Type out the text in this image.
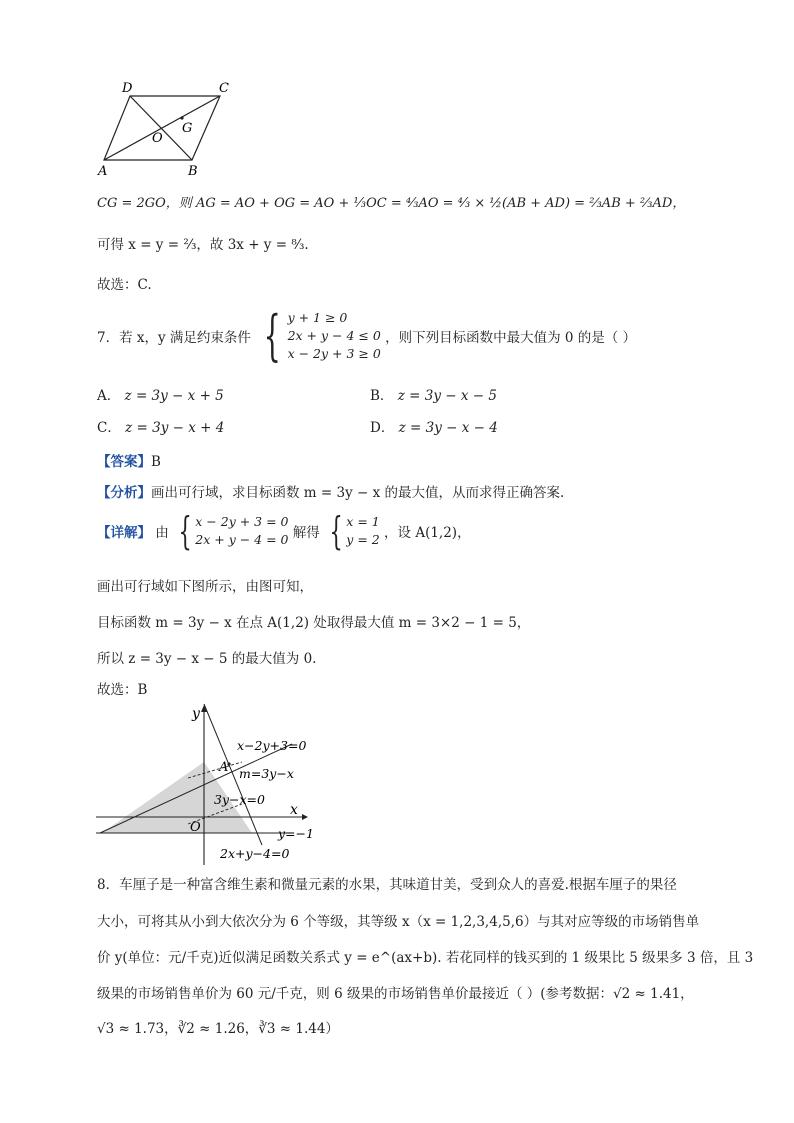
D	C
A	B
O
G
CG = 2GO，则 AG = AO + OG = AO + ⅓OC = ⁴⁄₃AO = ⁴⁄₃ × ½(AB + AD) = ⅔AB + ⅔AD，
可得 x = y = ⅔，故 3x + y = ⁸⁄₃.
故选：C.
7．若 x，y 满足约束条件 { y + 1 ≥ 0
2x + y − 4 ≤ 0
x − 2y + 3 ≥ 0
，则下列目标函数中最大值为 0 的是（ ）
A． z = 3y − x + 5	B． z = 3y − x − 5
C． z = 3y − x + 4	D． z = 3y − x − 4
【答案】B
【分析】画出可行域，求目标函数 m = 3y − x 的最大值，从而求得正确答案.
【详解】 由 { x − 2y + 3 = 0
2x + y − 4 = 0 解得 { x = 1
y = 2 ，设 A(1,2)，
画出可行域如下图所示，由图可知，
目标函数 m = 3y − x 在点 A(1,2) 处取得最大值 m = 3×2 − 1 = 5，
所以 z = 3y − x − 5 的最大值为 0.
故选：B
y
x
O
A
x−2y+3=0
m=3y−x
3y−x=0
y=−1
2x+y−4=0
8．车厘子是一种富含维生素和微量元素的水果，其味道甘美，受到众人的喜爱.根据车厘子的果径
大小，可将其从小到大依次分为 6 个等级，其等级 x（x = 1,2,3,4,5,6）与其对应等级的市场销售单
价 y(单位：元/千克)近似满足函数关系式 y = e^(ax+b). 若花同样的钱买到的 1 级果比 5 级果多 3 倍，且 3
级果的市场销售单价为 60 元/千克，则 6 级果的市场销售单价最接近（ ）(参考数据：√2 ≈ 1.41，
√3 ≈ 1.73，∛2 ≈ 1.26，∛3 ≈ 1.44）
